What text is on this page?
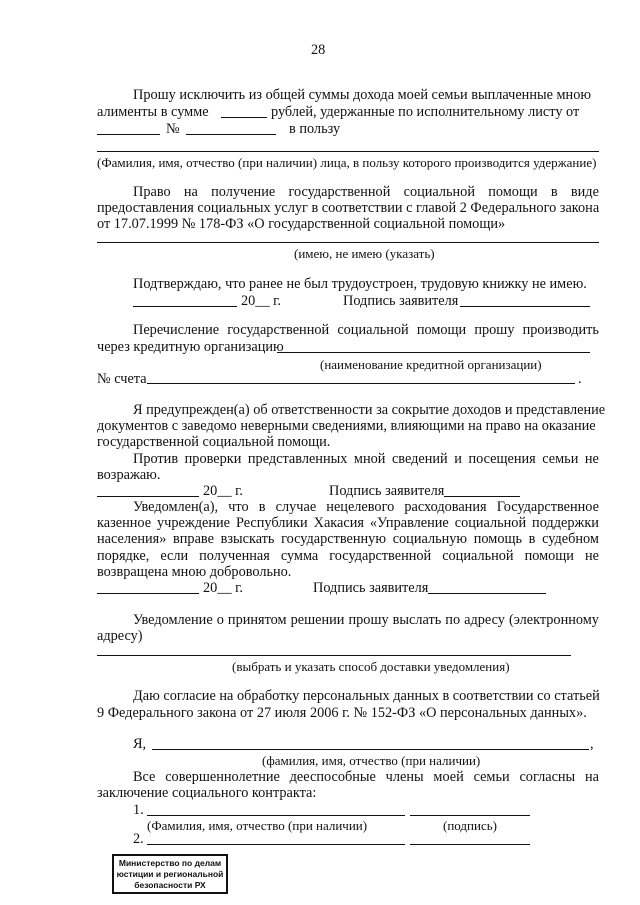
28
Прошу исключить из общей суммы дохода моей семьи выплаченные мною
алименты в сумме	рублей, удержанные по исполнительному листу от
№	в пользу
(Фамилия, имя, отчество (при наличии) лица, в пользу которого производится удержание)
Право на получение государственной социальной помощи в виде
предоставления социальных услуг в соответствии с главой 2 Федерального закона
от 17.07.1999 № 178-ФЗ «О государственной социальной помощи»
(имею, не имею (указать)
Подтверждаю, что ранее не был трудоустроен, трудовую книжку не имею.
20__ г.	Подпись заявителя
Перечисление государственной социальной помощи прошу производить
через кредитную организацию
(наименование кредитной организации)
№ счета	.
Я предупрежден(а) об ответственности за сокрытие доходов и представление
документов с заведомо неверными сведениями, влияющими на право на оказание
государственной социальной помощи.
Против проверки представленных мной сведений и посещения семьи не
возражаю.
20__ г.	Подпись заявителя
Уведомлен(а), что в случае нецелевого расходования Государственное
казенное учреждение Республики Хакасия «Управление социальной поддержки
населения» вправе взыскать государственную социальную помощь в судебном
порядке, если полученная сумма государственной социальной помощи не
возвращена мною добровольно.
20__ г.	Подпись заявителя
Уведомление о принятом решении прошу выслать по адресу (электронному
адресу)
(выбрать и указать способ доставки уведомления)
Даю согласие на обработку персональных данных в соответствии со статьей
9 Федерального закона от 27 июля 2006 г. № 152-ФЗ «О персональных данных».
Я,	,
(фамилия, имя, отчество (при наличии)
Все совершеннолетние дееспособные члены моей семьи согласны на
заключение социального контракта:
1.
(Фамилия, имя, отчество (при наличии)	(подпись)
2.
Министерство по делам
юстиции и региональной
безопасности РХ
